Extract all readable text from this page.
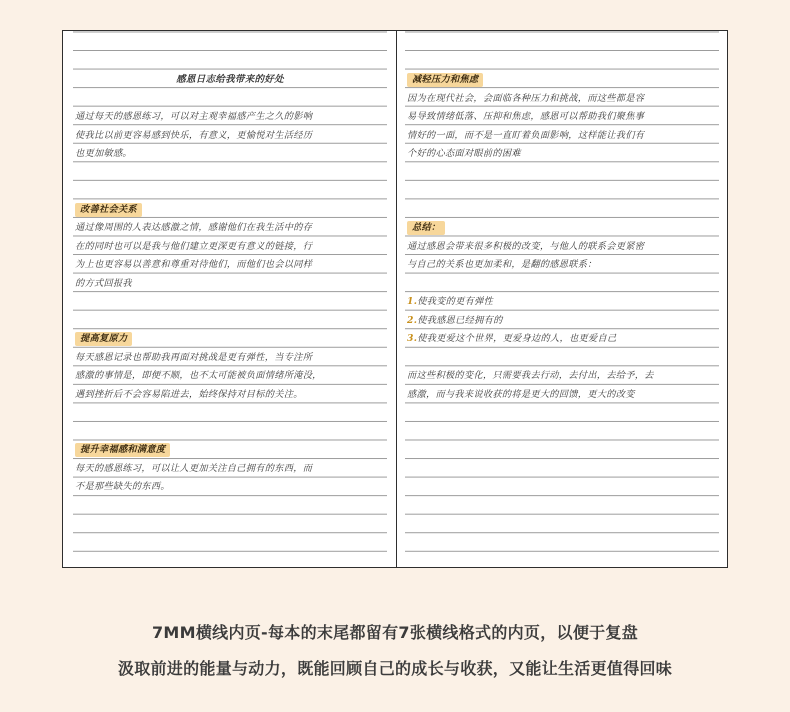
感恩日志给我带来的好处
通过每天的感恩练习，可以对主观幸福感产生之久的影响
使我比以前更容易感到快乐，有意义，更愉悦对生活经历
也更加敏感。
改善社会关系
通过像周围的人表达感激之情，感谢他们在我生活中的存
在的同时也可以是我与他们建立更深更有意义的链接，行
为上也更容易以善意和尊重对待他们，而他们也会以同样
的方式回报我
提高复原力
每天感恩记录也帮助我再面对挑战是更有弹性，当专注所
感激的事情是，即便不顺，也不太可能被负面情绪所淹没，
遇到挫折后不会容易陷进去，始终保持对目标的关注。
提升幸福感和满意度
每天的感恩练习，可以让人更加关注自己拥有的东西，而
不是那些缺失的东西。
减轻压力和焦虑
因为在现代社会，会面临各种压力和挑战，而这些都是容
易导致情绪低落、压抑和焦虑，感恩可以帮助我们聚焦事
情好的一面，而不是一直盯着负面影响，这样能让我们有
个好的心态面对眼前的困难
总结：
通过感恩会带来很多积极的改变，与他人的联系会更紧密
与自己的关系也更加柔和，是翻的感恩联系：
1.使我变的更有弹性
2.使我感恩已经拥有的
3.使我更爱这个世界，更爱身边的人，也更爱自己
而这些积极的变化，只需要我去行动，去付出，去给予，去
感激，而与我来说收获的将是更大的回馈，更大的改变
7MM横线内页-每本的末尾都留有7张横线格式的内页，以便于复盘
汲取前进的能量与动力，既能回顾自己的成长与收获，又能让生活更值得回味
